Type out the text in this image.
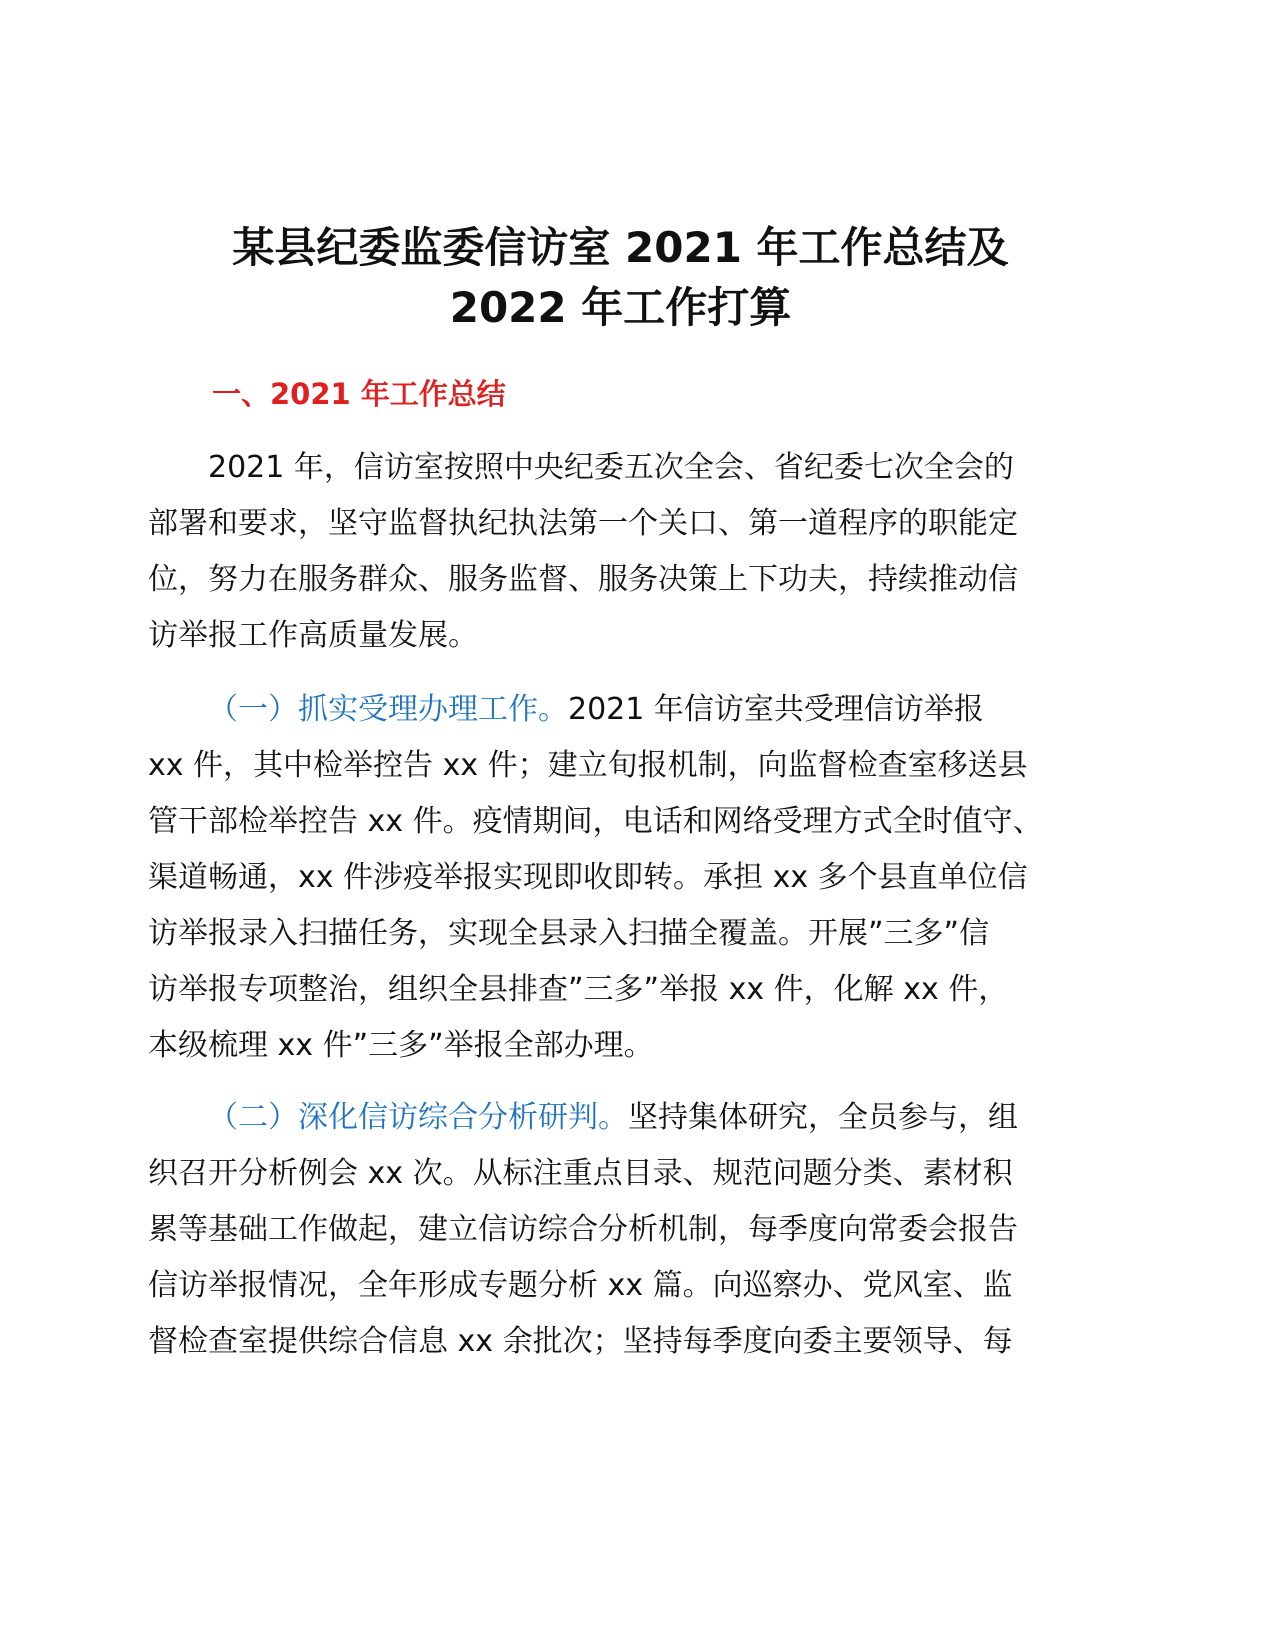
某县纪委监委信访室 2021 年工作总结及
2022 年工作打算
一、2021 年工作总结

2021 年，信访室按照中央纪委五次全会、省纪委七次全会的
部署和要求，坚守监督执纪执法第一个关口、第一道程序的职能定
位，努力在服务群众、服务监督、服务决策上下功夫，持续推动信
访举报工作高质量发展。

（一）抓实受理办理工作。2021 年信访室共受理信访举报
xx 件，其中检举控告 xx 件；建立旬报机制，向监督检查室移送县
管干部检举控告 xx 件。疫情期间，电话和网络受理方式全时值守、
渠道畅通，xx 件涉疫举报实现即收即转。承担 xx 多个县直单位信
访举报录入扫描任务，实现全县录入扫描全覆盖。开展”三多”信
访举报专项整治，组织全县排查”三多”举报 xx 件，化解 xx 件，
本级梳理 xx 件”三多”举报全部办理。

（二）深化信访综合分析研判。坚持集体研究，全员参与，组
织召开分析例会 xx 次。从标注重点目录、规范问题分类、素材积
累等基础工作做起，建立信访综合分析机制，每季度向常委会报告
信访举报情况，全年形成专题分析 xx 篇。向巡察办、党风室、监
督检查室提供综合信息 xx 余批次；坚持每季度向委主要领导、每
